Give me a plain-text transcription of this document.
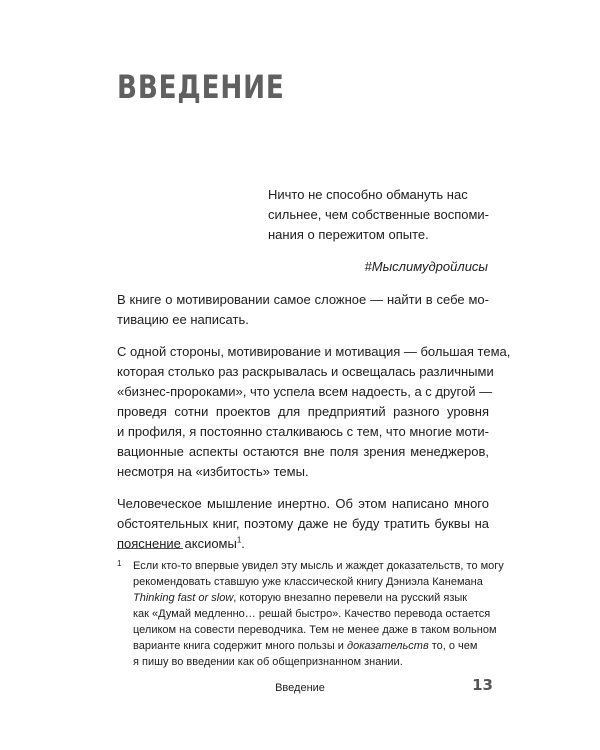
ВВЕДЕНИЕ
Ничто не способно обмануть нас
сильнее, чем собственные воспоми-
нания о пережитом опыте.
#Мыслимудройлисы

В книге о мотивировании самое сложное — найти в себе мо-
тивацию ее написать.

С одной стороны, мотивирование и мотивация — большая тема,
которая столько раз раскрывалась и освещалась различными
«бизнес-пророками», что успела всем надоесть, а с другой —
проведя сотни проектов для предприятий разного уровня
и профиля, я постоянно сталкиваюсь с тем, что многие моти-
вационные аспекты остаются вне поля зрения менеджеров,
несмотря на «избитость» темы.

Человеческое мышление инертно. Об этом написано много
обстоятельных книг, поэтому даже не буду тратить буквы на
пояснение аксиомы$^1$.

1 Если кто-то впервые увидел эту мысль и жаждет доказательств, то могу
рекомендовать ставшую уже классической книгу Дэниэла Канемана
Thinking fast or slow, которую внезапно перевели на русский язык
как «Думай медленно… решай быстро». Качество перевода остается
целиком на совести переводчика. Тем не менее даже в таком вольном
варианте книга содержит много пользы и доказательств то, о чем
я пишу во введении как об общепризнанном знании.
Введение	13
